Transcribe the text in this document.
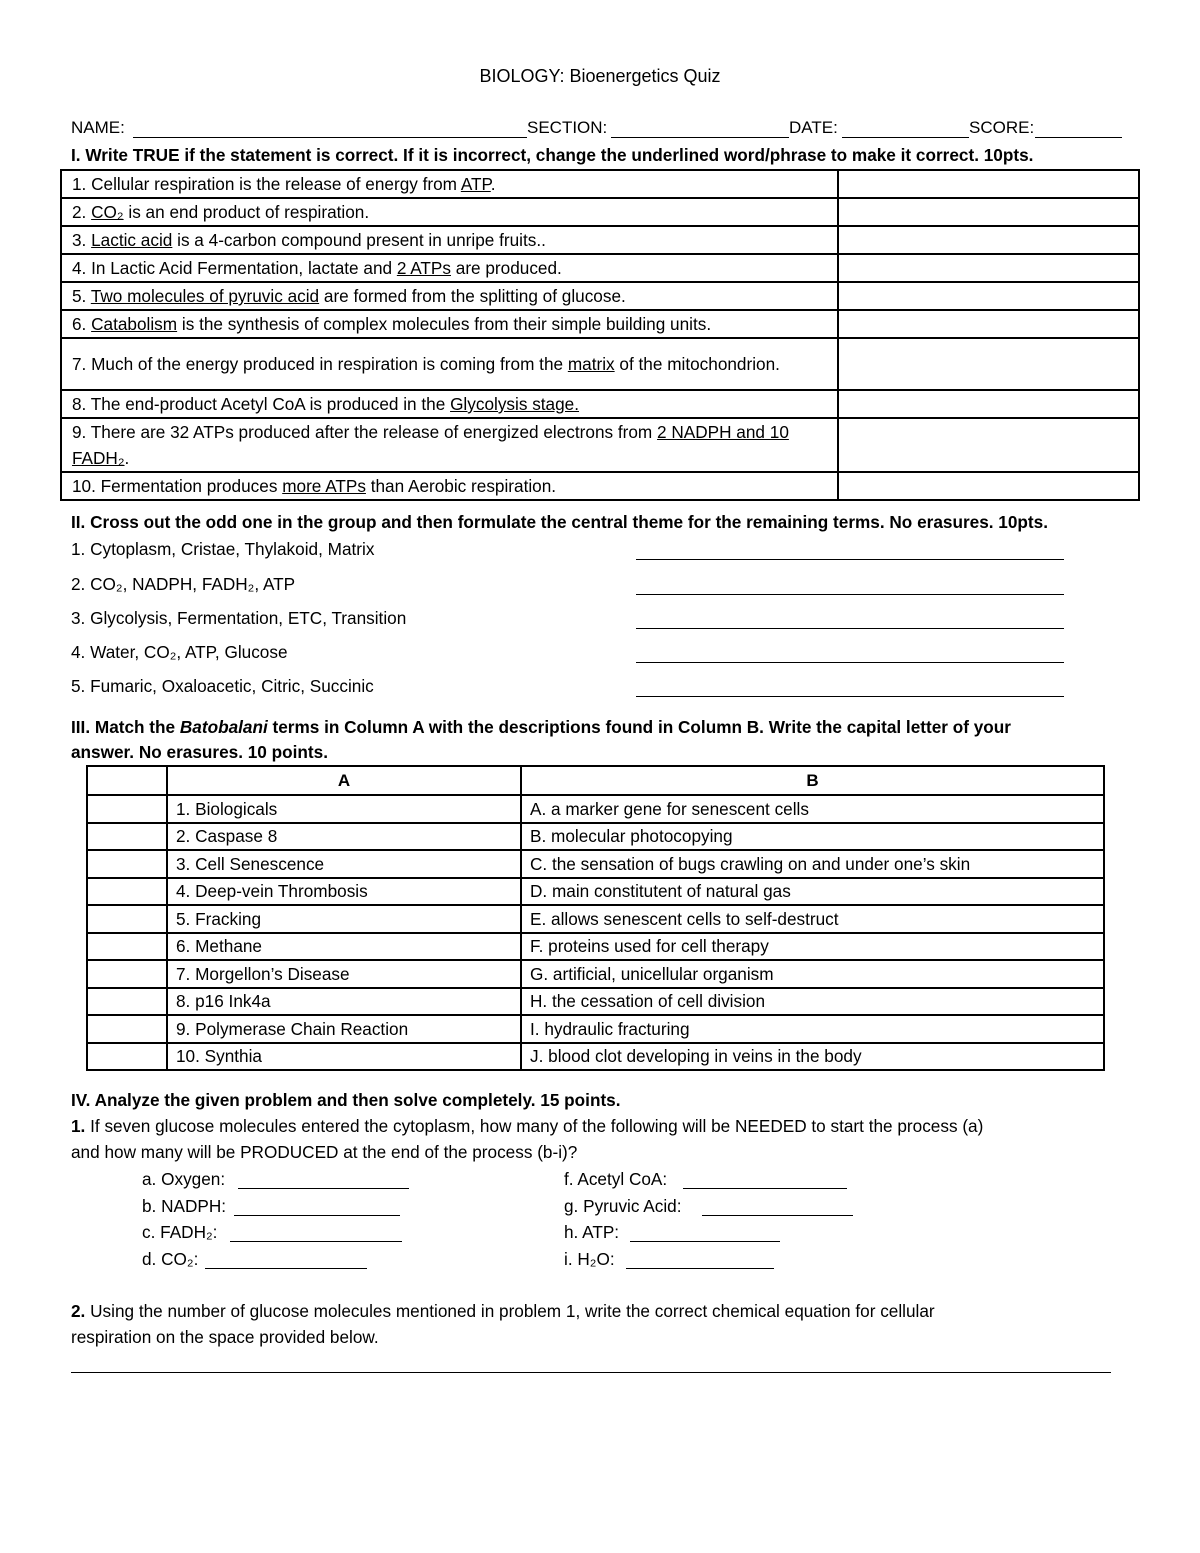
BIOLOGY: Bioenergetics Quiz
NAME:	SECTION:	DATE:	SCORE:
I. Write TRUE if the statement is correct. If it is incorrect, change the underlined word/phrase to make it correct. 10pts.
1. Cellular respiration is the release of energy from ATP.	
2. CO₂ is an end product of respiration.	
3. Lactic acid is a 4-carbon compound present in unripe fruits..	
4. In Lactic Acid Fermentation, lactate and 2 ATPs are produced.	
5. Two molecules of pyruvic acid are formed from the splitting of glucose.	
6. Catabolism is the synthesis of complex molecules from their simple building units.	
7. Much of the energy produced in respiration is coming from the matrix of the mitochondrion.	
8. The end-product Acetyl CoA is produced in the Glycolysis stage.	
9. There are 32 ATPs produced after the release of energized electrons from 2 NADPH and 10 FADH₂.	
10. Fermentation produces more ATPs than Aerobic respiration.	
II. Cross out the odd one in the group and then formulate the central theme for the remaining terms. No erasures. 10pts.
1. Cytoplasm, Cristae, Thylakoid, Matrix
2. CO₂, NADPH, FADH₂, ATP
3. Glycolysis, Fermentation, ETC, Transition
4. Water, CO₂, ATP, Glucose
5. Fumaric, Oxaloacetic, Citric, Succinic
III. Match the Batobalani terms in Column A with the descriptions found in Column B. Write the capital letter of your
answer. No erasures. 10 points.
	A	B
	1. Biologicals	A. a marker gene for senescent cells
	2. Caspase 8	B. molecular photocopying
	3. Cell Senescence	C. the sensation of bugs crawling on and under one’s skin
	4. Deep-vein Thrombosis	D. main constitutent of natural gas
	5. Fracking	E. allows senescent cells to self-destruct
	6. Methane	F. proteins used for cell therapy
	7. Morgellon’s Disease	G. artificial, unicellular organism
	8. p16 Ink4a	H. the cessation of cell division
	9. Polymerase Chain Reaction	I. hydraulic fracturing
	10. Synthia	J. blood clot developing in veins in the body
IV. Analyze the given problem and then solve completely. 15 points.
1. If seven glucose molecules entered the cytoplasm, how many of the following will be NEEDED to start the process (a)
and how many will be PRODUCED at the end of the process (b-i)?
a. Oxygen:
b. NADPH:
c. FADH₂:
d. CO₂:
f. Acetyl CoA:
g. Pyruvic Acid:
h. ATP:
i. H₂O:
2. Using the number of glucose molecules mentioned in problem 1, write the correct chemical equation for cellular
respiration on the space provided below.
